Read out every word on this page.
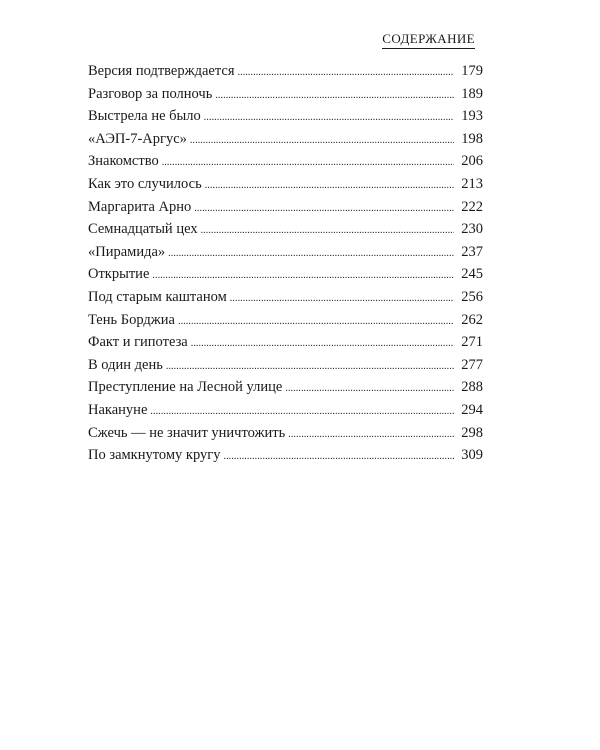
СОДЕРЖАНИЕ
Версия подтверждается . . .	179
Разговор за полночь . . .	189
Выстрела не было . . .	193
«АЭП-7-Аргус» . . .	198
Знакомство . . .	206
Как это случилось . . .	213
Маргарита Арно . . .	222
Семнадцатый цех . . .	230
«Пирамида» . . .	237
Открытие . . .	245
Под старым каштаном . . .	256
Тень Борджиа . . .	262
Факт и гипотеза . . .	271
В один день . . .	277
Преступление на Лесной улице . . .	288
Накануне . . .	294
Сжечь — не значит уничтожить . . .	298
По замкнутому кругу . . .	309
